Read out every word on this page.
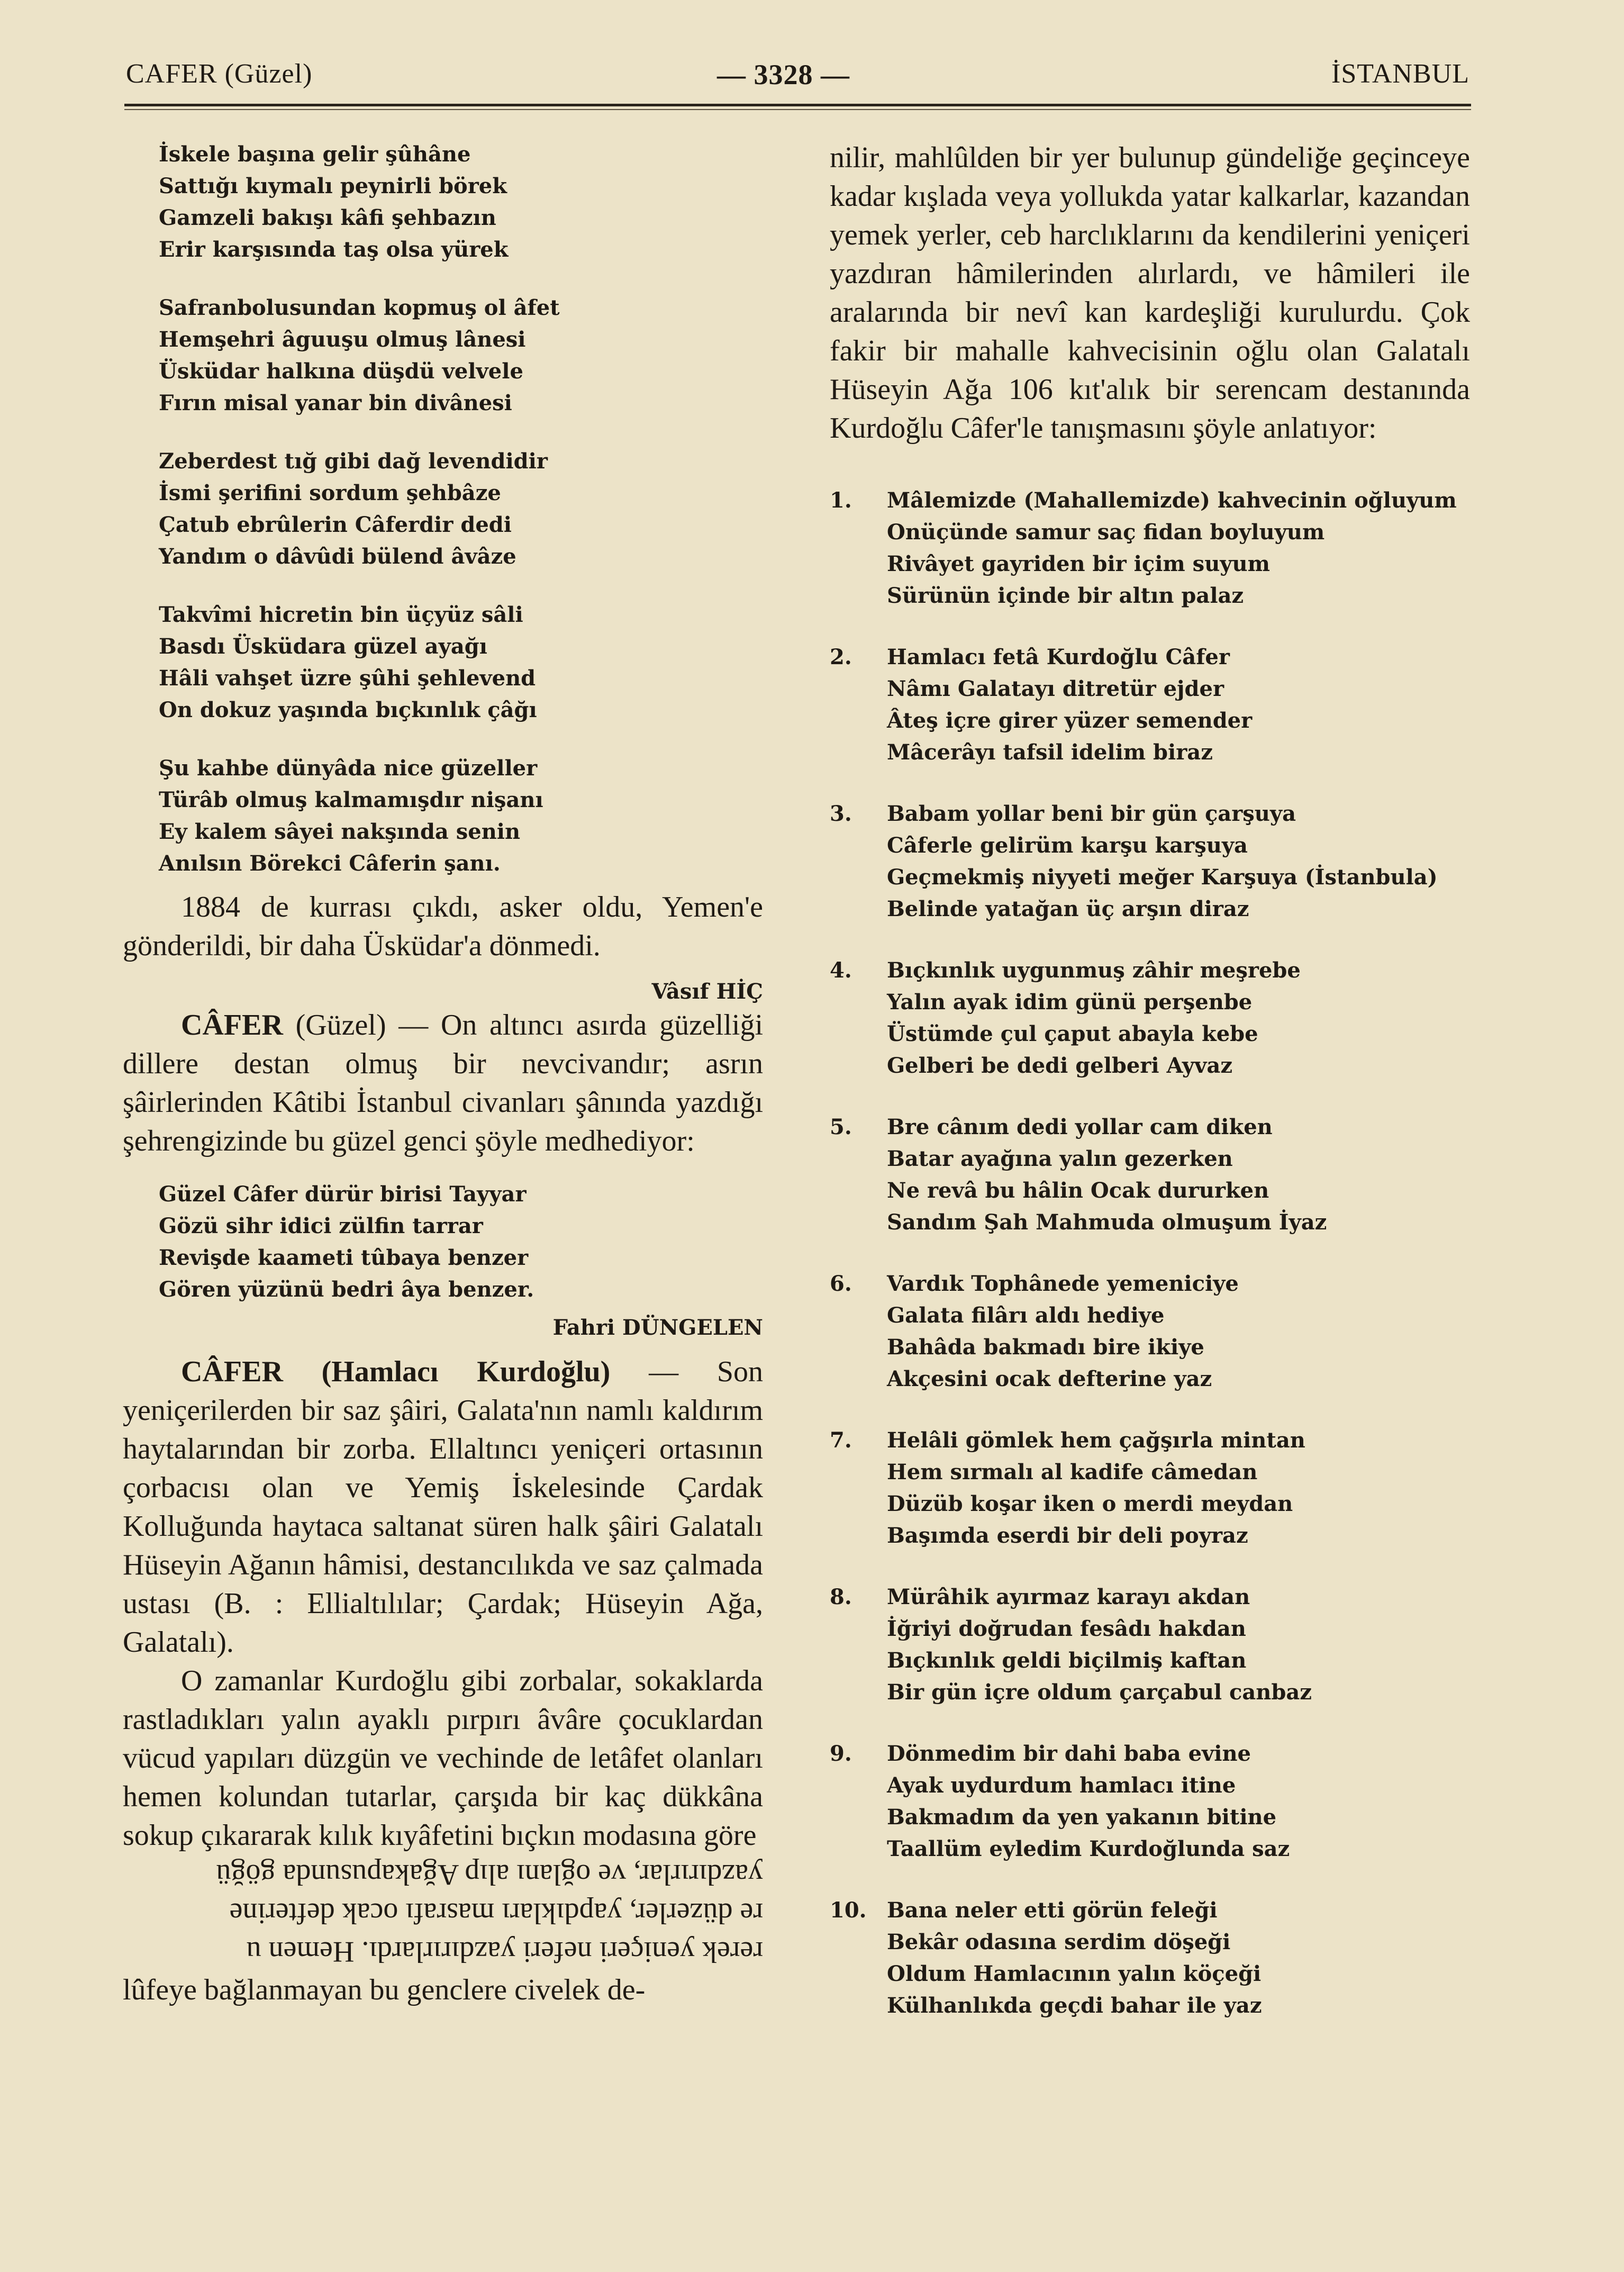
CAFER (Güzel)	— 3328 —	İSTANBUL
İskele başına gelir şûhâne
Sattığı kıymalı peynirli börek
Gamzeli bakışı kâfi şehbazın
Erir karşısında taş olsa yürek
Safranbolusundan kopmuş ol âfet
Hemşehri âguuşu olmuş lânesi
Üsküdar halkına düşdü velvele
Fırın misal yanar bin divânesi
Zeberdest tığ gibi dağ levendidir
İsmi şerifini sordum şehbâze
Çatub ebrûlerin Câferdir dedi
Yandım o dâvûdi bülend âvâze
Takvîmi hicretin bin üçyüz sâli
Basdı Üsküdara güzel ayağı
Hâli vahşet üzre şûhi şehlevend
On dokuz yaşında bıçkınlık çâğı
Şu kahbe dünyâda nice güzeller
Türâb olmuş kalmamışdır nişanı
Ey kalem sâyei nakşında senin
Anılsın Börekci Câferin şanı.

1884 de kurrası çıkdı, asker oldu, Yemen'e gönderildi, bir daha Üsküdar'a dönmedi.

Vâsıf HİÇ

CÂFER (Güzel) — On altıncı asırda güzelliği dillere destan olmuş bir nevcivandır; asrın şâirlerinden Kâtibi İstanbul civanları şânında yazdığı şehrengizinde bu güzel genci şöyle medhediyor:

Güzel Câfer dürür birisi Tayyar
Gözü sihr idici zülfin tarrar
Revişde kaameti tûbaya benzer
Gören yüzünü bedri âya benzer.
Fahri DÜNGELEN

CÂFER (Hamlacı Kurdoğlu) — Son yeniçerilerden bir saz şâiri, Galata'nın namlı kaldırım haytalarından bir zorba. Ellaltıncı yeniçeri ortasının çorbacısı olan ve Yemiş İskelesinde Çardak Kolluğunda haytaca saltanat süren halk şâiri Galatalı Hüseyin Ağanın hâmisi, destancılıkda ve saz çalmada ustası (B. : Ellialtılılar; Çardak; Hüseyin Ağa, Galatalı).

O zamanlar Kurdoğlu gibi zorbalar, sokaklarda rastladıkları yalın ayaklı pırpırı âvâre çocuklardan vücud yapıları düzgün ve vechinde de letâfet olanları hemen kolundan tutarlar, çarşıda bir kaç dükkâna sokup çıkararak kılık kıyâfetini bıçkın modasına göre

yazdırırlar, ve oğlanı alıp Ağakapusunda göğü
re düzerler, yapdıkları masrafı ocak defterine
rerek yeniçeri neferi yazdırırlardı. Hemen u

lûfeye bağlanmayan bu genclere civelek de-

nilir, mahlûlden bir yer bulunup gündeliğe geçinceye kadar kışlada veya yollukda yatar kalkarlar, kazandan yemek yerler, ceb harclıklarını da kendilerini yeniçeri yazdıran hâmilerinden alırlardı, ve hâmileri ile aralarında bir nevî kan kardeşliği kurulurdu. Çok fakir bir mahalle kahvecisinin oğlu olan Galatalı Hüseyin Ağa 106 kıt'alık bir serencam destanında Kurdoğlu Câfer'le tanışmasını şöyle anlatıyor:

1. Mâlemizde (Mahallemizde) kahvecinin oğluyum
Onüçünde samur saç fidan boyluyum
Rivâyet gayriden bir içim suyum
Sürünün içinde bir altın palaz
2. Hamlacı fetâ Kurdoğlu Câfer
Nâmı Galatayı ditretür ejder
Âteş içre girer yüzer semender
Mâcerâyı tafsil idelim biraz
3. Babam yollar beni bir gün çarşuya
Câferle gelirüm karşu karşuya
Geçmekmiş niyyeti meğer Karşuya (İstanbula)
Belinde yatağan üç arşın diraz
4. Bıçkınlık uygunmuş zâhir meşrebe
Yalın ayak idim günü perşenbe
Üstümde çul çaput abayla kebe
Gelberi be dedi gelberi Ayvaz
5. Bre cânım dedi yollar cam diken
Batar ayağına yalın gezerken
Ne revâ bu hâlin Ocak dururken
Sandım Şah Mahmuda olmuşum İyaz
6. Vardık Tophânede yemeniciye
Galata filârı aldı hediye
Bahâda bakmadı bire ikiye
Akçesini ocak defterine yaz
7. Helâli gömlek hem çağşırla mintan
Hem sırmalı al kadife câmedan
Düzüb koşar iken o merdi meydan
Başımda eserdi bir deli poyraz
8. Mürâhik ayırmaz karayı akdan
İğriyi doğrudan fesâdı hakdan
Bıçkınlık geldi biçilmiş kaftan
Bir gün içre oldum çarçabul canbaz
9. Dönmedim bir dahi baba evine
Ayak uydurdum hamlacı itine
Bakmadım da yen yakanın bitine
Taallüm eyledim Kurdoğlunda saz
10. Bana neler etti görün feleği
Bekâr odasına serdim döşeği
Oldum Hamlacının yalın köçeği
Külhanlıkda geçdi bahar ile yaz
